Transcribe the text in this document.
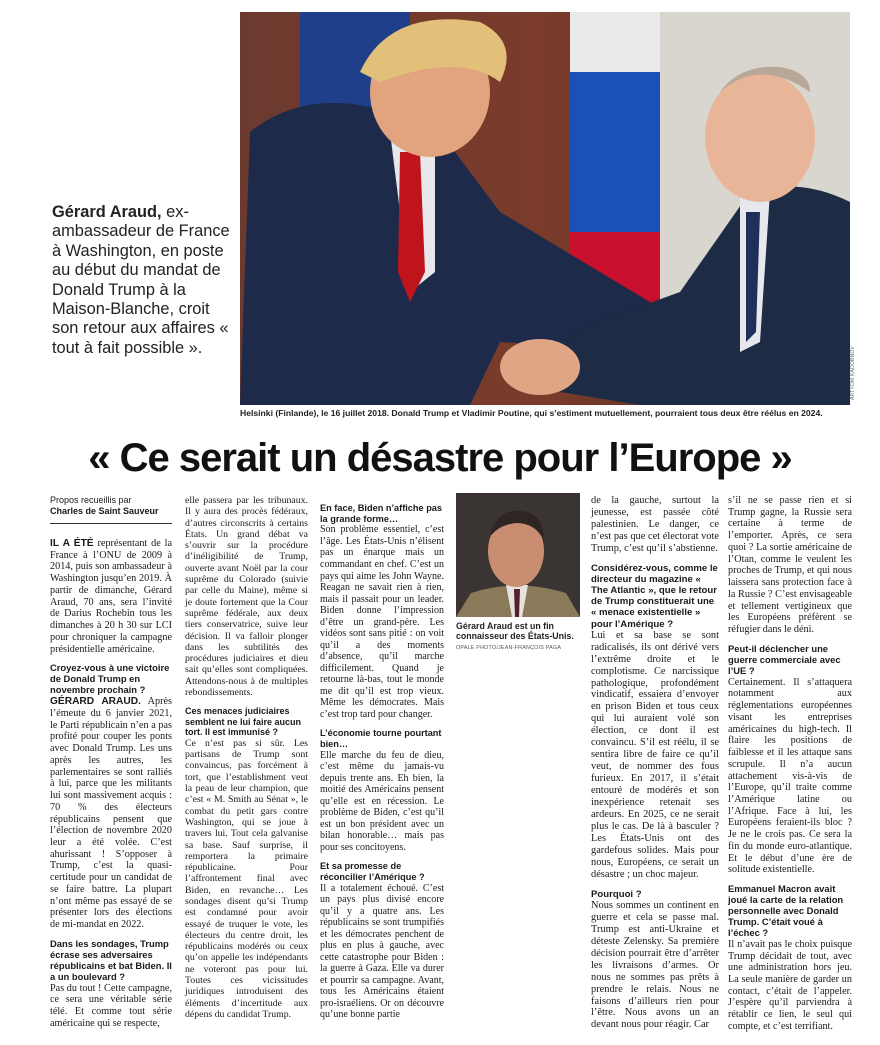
ARTYOM KADOBNOV
Helsinki (Finlande), le 16 juillet 2018. Donald Trump et Vladimir Poutine, qui s’estiment mutuellement, pourraient tous deux être réélus en 2024.
Gérard Araud, ex-ambassadeur de France à Washington, en poste au début du mandat de Donald Trump à la Maison-Blanche, croit son retour aux affaires « tout à fait possible ».
« Ce serait un désastre pour l’Europe »
Propos recueillis par
Charles de Saint Sauveur

IL A ÉTÉ représentant de la France à l’ONU de 2009 à 2014, puis son ambassadeur à Washington jusqu’en 2019. À partir de dimanche, Gérard Araud, 70 ans, sera l’invité de Darius Rochebin tous les dimanches à 20 h 30 sur LCI pour chroniquer la campagne présidentielle américaine.

Croyez-vous à une victoire de Donald Trump en novembre prochain ?

GÉRARD ARAUD. Après l’émeute du 6 janvier 2021, le Parti républicain n’en a pas profité pour couper les ponts avec Donald Trump. Les uns après les autres, les parlementaires se sont ralliés à lui, parce que les militants lui sont massivement acquis : 70 % des électeurs républicains pensent que l’élection de novembre 2020 leur a été volée. C’est ahurissant ! S’opposer à Trump, c’est la quasi-certitude pour un candidat de se faire battre. La plupart n’ont même pas essayé de se présenter lors des élections de mi-mandat en 2022.

Dans les sondages, Trump écrase ses adversaires républicains et bat Biden. Il a un boulevard ?

Pas du tout ! Cette campagne, ce sera une véritable série télé. Et comme tout série américaine qui se respecte,

elle passera par les tribunaux. Il y aura des procès fédéraux, d’autres circonscrits à certains États. Un grand débat va s’ouvrir sur la procédure d’inéligibilité de Trump, ouverte avant Noël par la cour suprême du Colorado (suivie par celle du Maine), même si je doute fortement que la Cour suprême fédérale, aux deux tiers conservatrice, suive leur décision. Il va falloir plonger dans les subtilités des procédures judiciaires et dieu sait qu’elles sont compliquées. Attendons-nous à de multiples rebondissements.

Ces menaces judiciaires semblent ne lui faire aucun tort. Il est immunisé ?

Ce n’est pas si sûr. Les partisans de Trump sont convaincus, pas forcément à tort, que l’establishment veut la peau de leur champion, que c’est « M. Smith au Sénat », le combat du petit gars contre Washington, qui se joue à travers lui. Tout cela galvanise sa base. Sauf surprise, il remportera la primaire républicaine. Pour l’affrontement final avec Biden, en revanche… Les sondages disent qu’si Trump est condamné pour avoir essayé de truquer le vote, les électeurs du centre droit, les républicains modérés ou ceux qu’on appelle les indépendants ne voteront pas pour lui. Toutes ces vicissitudes juridiques introduisent des éléments d’incertitude aux dépens du candidat Trump.

En face, Biden n’affiche pas la grande forme…

Son problème essentiel, c’est l’âge. Les États-Unis n’élisent pas un énarque mais un commandant en chef. C’est un pays qui aime les John Wayne. Reagan ne savait rien à rien, mais il passait pour un leader. Biden donne l’impression d’être un grand-père. Les vidéos sont sans pitié : on voit qu’il a des moments d’absence, qu’il marche difficilement. Quand je retourne là-bas, tout le monde me dit qu’il est trop vieux. Même les démocrates. Mais c’est trop tard pour changer.

L’économie tourne pourtant bien…

Elle marche du feu de dieu, c’est même du jamais-vu depuis trente ans. Eh bien, la moitié des Américains pensent qu’elle est en récession. Le problème de Biden, c’est qu’il est un bon président avec un bilan honorable… mais pas pour ses concitoyens.

Et sa promesse de réconcilier l’Amérique ?

Il a totalement échoué. C’est un pays plus divisé encore qu’il y a quatre ans. Les républicains se sont trumpifiés et les démocrates penchent de plus en plus à gauche, avec cette catastrophe pour Biden : la guerre à Gaza. Elle va durer et pourrir sa campagne. Avant, tous les Américains étaient pro-israéliens. Or on découvre qu’une bonne partie

Gérard Araud est un fin connaisseur des États-Unis.
OPALE PHOTO/JEAN-FRANÇOIS PAGA

de la gauche, surtout la jeunesse, est passée côté palestinien. Le danger, ce n’est pas que cet électorat vote Trump, c’est qu’il s’abstienne.

Considérez-vous, comme le directeur du magazine « The Atlantic », que le retour de Trump constituerait une « menace existentielle » pour l’Amérique ?

Lui et sa base se sont radicalisés, ils ont dérivé vers l’extrême droite et le complotisme. Ce narcissique pathologique, profondément vindicatif, essaiera d’envoyer en prison Biden et tous ceux qui lui auraient volé son élection, ce dont il est convaincu. S’il est réélu, il se sentira libre de faire ce qu’il veut, de nommer des fous furieux. En 2017, il s’était entouré de modérés et son inexpérience retenait ses ardeurs. En 2025, ce ne serait plus le cas. De là à basculer ? Les États-Unis ont des gardefous solides. Mais pour nous, Européens, ce serait un désastre ; un choc majeur.

Pourquoi ?

Nous sommes un continent en guerre et cela se passe mal. Trump est anti-Ukraine et déteste Zelensky. Sa première décision pourrait être d’arrêter les livraisons d’armes. Or nous ne sommes pas prêts à prendre le relais. Nous ne faisons d’ailleurs rien pour l’être. Nous avons un an devant nous pour réagir. Car

s’il ne se passe rien et si Trump gagne, la Russie sera certaine à terme de l’emporter. Après, ce sera quoi ? La sortie américaine de l’Otan, comme le veulent les proches de Trump, et qui nous laissera sans protection face à la Russie ? C’est envisageable et tellement vertigineux que les Européens préfèrent se réfugier dans le déni.

Peut-il déclencher une guerre commerciale avec l’UE ?

Certainement. Il s’attaquera notamment aux réglementations européennes visant les entreprises américaines du high-tech. Il flaire les positions de faiblesse et il les attaque sans scrupule. Il n’a aucun attachement vis-à-vis de l’Europe, qu’il traite comme l’Amérique latine ou l’Afrique. Face à lui, les Européens feraient-ils bloc ? Je ne le crois pas. Ce sera la fin du monde euro-atlantique. Et le début d’une ère de solitude existentielle.

Emmanuel Macron avait joué la carte de la relation personnelle avec Donald Trump. C’était voué à l’échec ?

Il n’avait pas le choix puisque Trump décidait de tout, avec une administration hors jeu. La seule manière de garder un contact, c’était de l’appeler. J’espère qu’il parviendra à rétablir ce lien, le seul qui compte, et c’est terrifiant.
